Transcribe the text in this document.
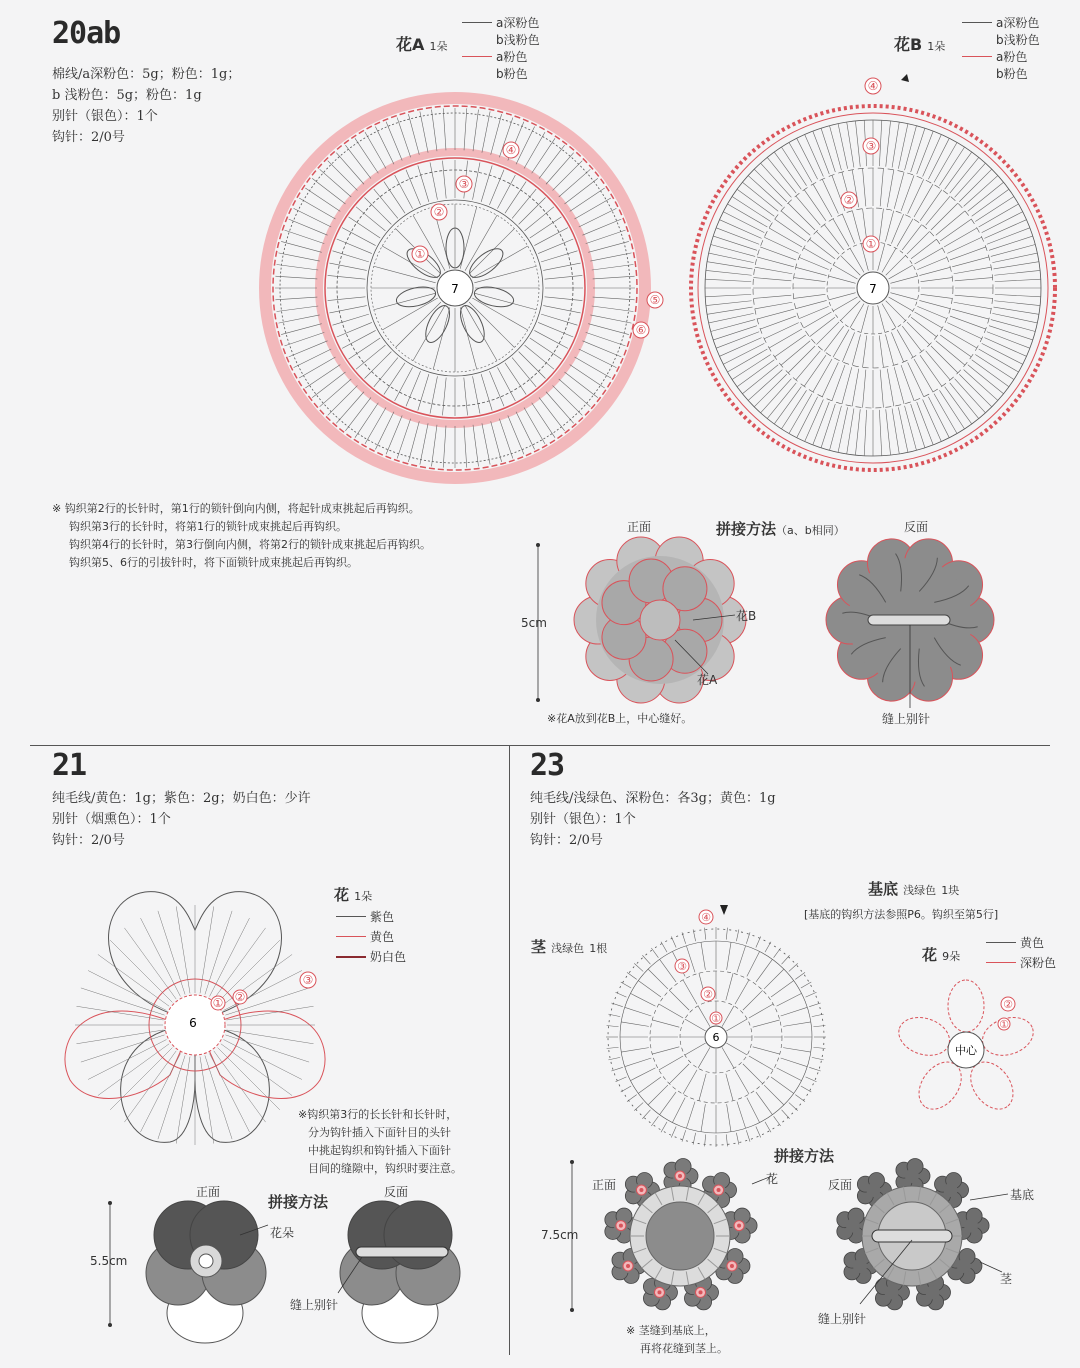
20ab
棉线/a深粉色：5g；粉色：1g；
b 浅粉色：5g；粉色：1g
别针（银色）：1个
钩针：2/0号
花A 1朵
a深粉色
b浅粉色
a粉色
b粉色
花B 1朵
a深粉色
b浅粉色
a粉色
b粉色
7
①
②
③
④
⑤
⑥
7
①
②
③
④
※ 钩织第2行的长针时，第1行的锁针倒向内侧，将起针成束挑起后再钩织。
钩织第3行的长针时，将第1行的锁针成束挑起后再钩织。
钩织第4行的长针时，第3行倒向内侧，将第2行的锁针成束挑起后再钩织。
钩织第5、6行的引拔针时，将下面锁针成束挑起后再钩织。
正面	拼接方法（a、b相同）	反面
5cm	花B
花A
缝上别针
※花A放到花B上，中心缝好。
21
纯毛线/黄色：1g；紫色：2g；奶白色：少许
别针（烟熏色）：1个
钩针：2/0号
花 1朵
紫色
黄色
奶白色
6
① ②
③
※钩织第3行的长长针和长针时，
分为钩针插入下面针目的头针
中挑起钩织和钩针插入下面针
目间的缝隙中，钩织时要注意。
正面
拼接方法
反面
5.5cm
花朵
缝上别针
23
纯毛线/浅绿色、深粉色：各3g；黄色：1g
别针（银色）：1个
钩针：2/0号
基底 浅绿色 1块
[基底的钩织方法参照P6。钩织至第5行]
茎 浅绿色 1根	花 9朵
黄色
深粉色
6
①
②
③
④
中心
①
②
拼接方法
正面	花	反面
基底
茎
7.5cm
缝上别针
※ 茎缝到基底上，
再将花缝到茎上。
